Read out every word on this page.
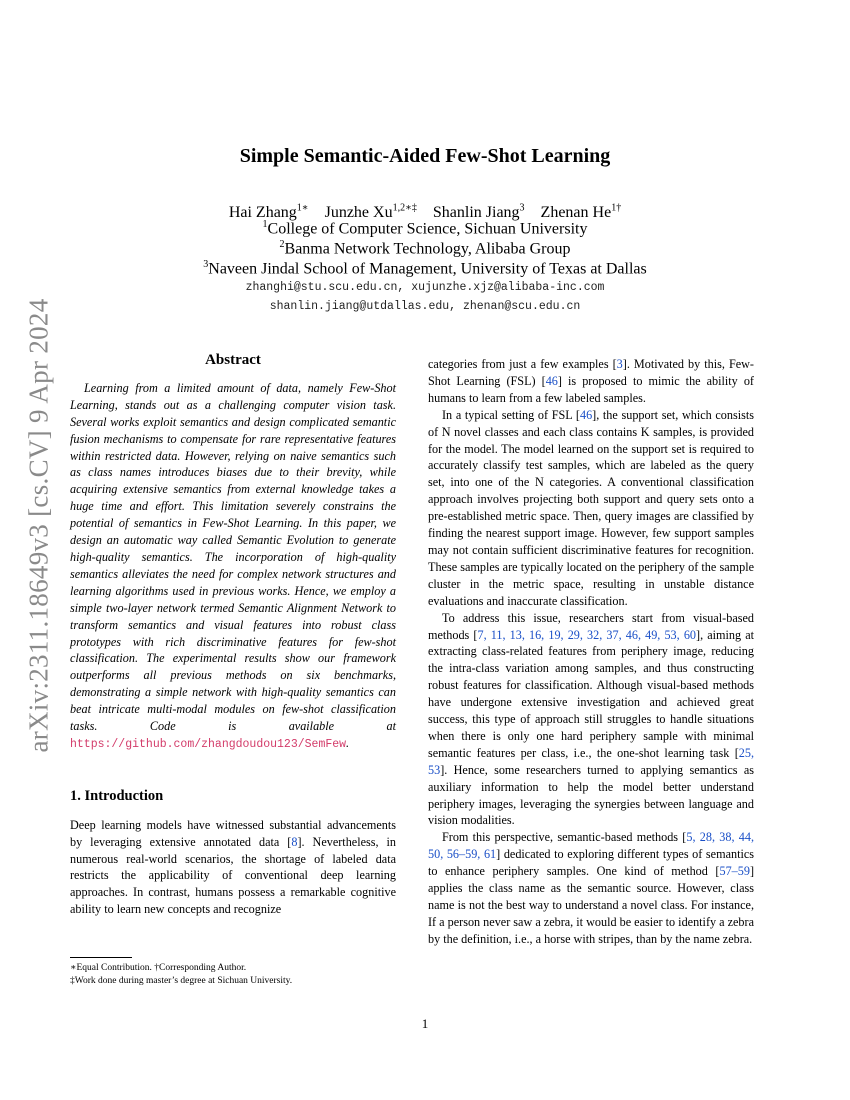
arXiv:2311.18649v3 [cs.CV] 9 Apr 2024
Simple Semantic-Aided Few-Shot Learning
Hai Zhang$^{1∗}$ Junzhe $Xu^{1,2∗\ddagger}$ Shanlin Jiang$^3$ Zhenan $He^{1\dagger}$
$^1$College of Computer Science, Sichuan University
$^2$Banma Network Technology, Alibaba Group
$^3$Naveen Jindal School of Management, University of Texas at Dallas
zhanghi@stu.scu.edu.cn, xujunzhe.xjz@alibaba-inc.com
shanlin.jiang@utdallas.edu, zhenan@scu.edu.cn
Abstract

Learning from a limited amount of data, namely Few-Shot Learning, stands out as a challenging computer vision task. Several works exploit semantics and design complicated semantic fusion mechanisms to compensate for rare representative features within restricted data. However, relying on naive semantics such as class names introduces biases due to their brevity, while acquiring extensive semantics from external knowledge takes a huge time and effort. This limitation severely constrains the potential of semantics in Few-Shot Learning. In this paper, we design an automatic way called Semantic Evolution to generate high-quality semantics. The incorporation of high-quality semantics alleviates the need for complex network structures and learning algorithms used in previous works. Hence, we employ a simple two-layer network termed Semantic Alignment Network to transform semantics and visual features into robust class prototypes with rich discriminative features for few-shot classification. The experimental results show our framework outperforms all previous methods on six benchmarks, demonstrating a simple network with high-quality semantics can beat intricate multi-modal modules on few-shot classification tasks. Code is available at https://github.com/zhangdoudou123/SemFew.

1. Introduction

Deep learning models have witnessed substantial advancements by leveraging extensive annotated data [8]. Nevertheless, in numerous real-world scenarios, the shortage of labeled data restricts the applicability of conventional deep learning approaches. In contrast, humans possess a remarkable cognitive ability to learn new concepts and recognize

categories from just a few examples [3]. Motivated by this, Few-Shot Learning (FSL) [46] is proposed to mimic the ability of humans to learn from a few labeled samples.

In a typical setting of FSL [46], the support set, which consists of N novel classes and each class contains K samples, is provided for the model. The model learned on the support set is required to accurately classify test samples, which are labeled as the query set, into one of the N categories. A conventional classification approach involves projecting both support and query sets onto a pre-established metric space. Then, query images are classified by finding the nearest support image. However, few support samples may not contain sufficient discriminative features for recognition. These samples are typically located on the periphery of the sample cluster in the metric space, resulting in unstable distance evaluations and inaccurate classification.

To address this issue, researchers start from visual-based methods [7, 11, 13, 16, 19, 29, 32, 37, 46, 49, 53, 60], aiming at extracting class-related features from periphery image, reducing the intra-class variation among samples, and thus constructing robust features for classification. Although visual-based methods have undergone extensive investigation and achieved great success, this type of approach still struggles to handle situations when there is only one hard periphery sample with minimal semantic features per class, i.e., the one-shot learning task [25, 53]. Hence, some researchers turned to applying semantics as auxiliary information to help the model better understand periphery images, leveraging the synergies between language and vision modalities.

From this perspective, semantic-based methods [5, 28, 38, 44, 50, 56–59, 61] dedicated to exploring different types of semantics to enhance periphery samples. One kind of method [57–59] applies the class name as the semantic source. However, class name is not the best way to understand a novel class. For instance, If a person never saw a zebra, it would be easier to identify a zebra by the definition, i.e., a horse with stripes, than by the name zebra.

∗Equal Contribution. †Corresponding Author.
‡Work done during master’s degree at Sichuan University.
1
